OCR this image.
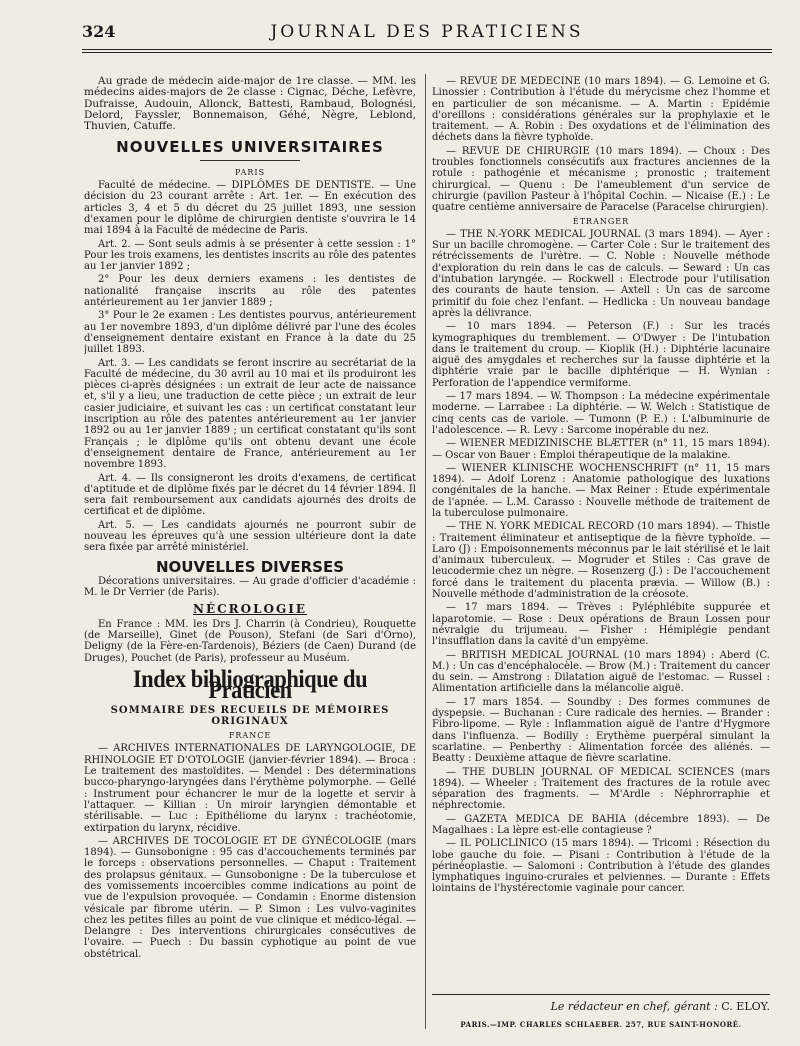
324	JOURNAL DES PRATICIENS

Au grade de médecin aide-major de 1re classe. — MM. les médecins aides-majors de 2e classe : Cignac, Déche, Lefèvre, Dufraisse, Audouin, Allonck, Battesti, Rambaud, Bolognési, Delord, Fayssler, Bonnemaison, Géhé, Nègre, Leblond, Thuvien, Catuffe.

NOUVELLES UNIVERSITAIRES
PARIS

Faculté de médecine. — DIPLÔMES DE DENTISTE. — Une décision du 23 courant arrête : Art. 1er. — En exécution des articles 3, 4 et 5 du décret du 25 juillet 1893, une session d'examen pour le diplôme de chirurgien dentiste s'ouvrira le 14 mai 1894 à la Faculté de médecine de Paris.

Art. 2. — Sont seuls admis à se présenter à cette session : 1° Pour les trois examens, les dentistes inscrits au rôle des patentes au 1er janvier 1892 ;

2° Pour les deux derniers examens : les dentistes de nationalité française inscrits au rôle des patentes antérieurement au 1er janvier 1889 ;

3° Pour le 2e examen : Les dentistes pourvus, antérieurement au 1er novembre 1893, d'un diplôme délivré par l'une des écoles d'enseignement dentaire existant en France à la date du 25 juillet 1893.

Art. 3. — Les candidats se feront inscrire au secrétariat de la Faculté de médecine, du 30 avril au 10 mai et ils produiront les pièces ci-après désignées : un extrait de leur acte de naissance et, s'il y a lieu, une traduction de cette pièce ; un extrait de leur casier judiciaire, et suivant les cas : un certificat constatant leur inscription au rôle des patentes antérieurement au 1er janvier 1892 ou au 1er janvier 1889 ; un certificat constatant qu'ils sont Français ; le diplôme qu'ils ont obtenu devant une école d'enseignement dentaire de France, antérieurement au 1er novembre 1893.

Art. 4. — Ils consigneront les droits d'examens, de certificat d'aptitude et de diplôme fixés par le décret du 14 février 1894. Il sera fait remboursement aux candidats ajournés des droits de certificat et de diplôme.

Art. 5. — Les candidats ajournés ne pourront subir de nouveau les épreuves qu'à une session ultérieure dont la date sera fixée par arrêté ministériel.

NOUVELLES DIVERSES

Décorations universitaires. — Au grade d'officier d'académie : M. le Dr Verrier (de Paris).

NÉCROLOGIE

En France : MM. les Drs J. Charrin (à Condrieu), Rouquette (de Marseille), Ginet (de Pouson), Stefani (de Sari d'Orno), Deligny (de la Fère-en-Tardenois), Béziers (de Caen) Durand (de Druges), Pouchet (de Paris), professeur au Muséum.

Index bibliographique du Praticien
SOMMAIRE DES RECUEILS DE MÉMOIRES ORIGINAUX
FRANCE

— ARCHIVES INTERNATIONALES DE LARYNGOLOGIE, DE RHINOLOGIE ET D'OTOLOGIE (janvier-février 1894). — Broca : Le traitement des mastoïdites. — Mendel : Des déterminations bucco-pharyngo-laryngées dans l'érythème polymorphe. — Gellé : Instrument pour échancrer le mur de la logette et servir à l'attaquer. — Killian : Un miroir laryngien démontable et stérilisable. — Luc : Epithéliome du larynx : trachéotomie, extirpation du larynx, récidive.

— ARCHIVES DE TOCOLOGIE ET DE GYNÉCOLOGIE (mars 1894). — Gunsobonigne : 95 cas d'accouchements terminés par le forceps : observations personnelles. — Chaput : Traitement des prolapsus génitaux. — Gunsobonigne : De la tuberculose et des vomissements incoercibles comme indications au point de vue de l'expulsion provoquée. — Condamin : Enorme distension vésicale par fibrome utérin. — P. Simon : Les vulvo-vaginites chez les petites filles au point de vue clinique et médico-légal. — Delangre : Des interventions chirurgicales consécutives de l'ovaire. — Puech : Du bassin cyphotique au point de vue obstétrical.

— REVUE DE MÉDECINE (10 mars 1894). — G. Lemoine et G. Linossier : Contribution à l'étude du mérycisme chez l'homme et en particulier de son mécanisme. — A. Martin : Epidémie d'oreillons : considérations générales sur la prophylaxie et le traitement. — A. Robin : Des oxydations et de l'élimination des déchets dans la fièvre typhoïde.

— REVUE DE CHIRURGIE (10 mars 1894). — Choux : Des troubles fonctionnels consécutifs aux fractures anciennes de la rotule : pathogénie et mécanisme ; pronostic ; traitement chirurgical. — Quenu : De l'ameublement d'un service de chirurgie (pavillon Pasteur à l'hôpital Cochin. — Nicaise (E.) : Le quatre centième anniversaire de Paracelse (Paracelse chirurgien).

ÉTRANGER

— THE N.-YORK MEDICAL JOURNAL (3 mars 1894). — Ayer : Sur un bacille chromogène. — Carter Cole : Sur le traitement des rétrécissements de l'urètre. — C. Noble : Nouvelle méthode d'exploration du rein dans le cas de calculs. — Seward : Un cas d'intubation laryngée. — Rockwell : Electrode pour l'utilisation des courants de haute tension. — Axtell : Un cas de sarcome primitif du foie chez l'enfant. — Hedlicka : Un nouveau bandage après la délivrance.

— 10 mars 1894. — Peterson (F.) : Sur les tracés kymographiques du tremblement. — O'Dwyer : De l'intubation dans le traitement du croup. — Kioplik (H.) : Diphtérie lacunaire aiguë des amygdales et recherches sur la fausse diphtérie et la diphtérie vraie par le bacille diphtérique — H. Wynian : Perforation de l'appendice vermiforme.

— 17 mars 1894. — W. Thompson : La médecine expérimentale moderne. — Larrabee : La diphtérie. — W. Welch : Statistique de cinq cents cas de variole. — Tumonn (P. E.) : L'albuminurie de l'adolescence. — R. Levy : Sarcome inopérable du nez.

— WIENER MEDIZINISCHE BLÆTTER (n° 11, 15 mars 1894). — Oscar von Bauer : Emploi thérapeutique de la malakine.

— WIENER KLINISCHE WOCHENSCHRIFT (n° 11, 15 mars 1894). — Adolf Lorenz : Anatomie pathologique des luxations congénitales de la hanche. — Max Reiner : Etude expérimentale de l'apnée. — L.M. Carasso : Nouvelle méthode de traitement de la tuberculose pulmonaire.

— THE N. YORK MEDICAL RECORD (10 mars 1894). — Thistle : Traitement éliminateur et antiseptique de la fièvre typhoïde. — Laro (J) : Empoisonnements méconnus par le lait stérilisé et le lait d'animaux tuberculeux. — Mogruder et Stiles : Cas grave de leucodermie chez un nègre. — Rosenzerg (J.) : De l'accouchement forcé dans le traitement du placenta prævia. — Willow (B.) : Nouvelle méthode d'administration de la créosote.

— 17 mars 1894. — Trèves : Pyléphlébite suppurée et laparotomie. — Rose : Deux opérations de Braun Lossen pour névralgie du trijumeau. — Fisher : Hémiplégie pendant l'insufflation dans la cavité d'un empyème.

— BRITISH MEDICAL JOURNAL (10 mars 1894) : Aberd (C. M.) : Un cas d'encéphalocèle. — Brow (M.) : Traitement du cancer du sein. — Amstrong : Dilatation aiguë de l'estomac. — Russel : Alimentation artificielle dans la mélancolie aiguë.

— 17 mars 1854. — Soundby : Des formes communes de dyspepsie. — Buchanan : Cure radicale des hernies. — Brander : Fibro-lipome. — Ryle : Inflammation aiguë de l'antre d'Hygmore dans l'influenza. — Bodilly : Erythème puerpéral simulant la scarlatine. — Penberthy : Alimentation forcée des aliénés. — Beatty : Deuxième attaque de fièvre scarlatine.

— THE DUBLIN JOURNAL OF MEDICAL SCIENCES (mars 1894). — Wheeler : Traitement des fractures de la rotule avec séparation des fragments. — M'Ardle : Néphrorraphie et néphrectomie.

— GAZETA MEDICA DE BAHIA (décembre 1893). — De Magalhaes : La lèpre est-elle contagieuse ?

— IL POLICLINICO (15 mars 1894). — Tricomi : Résection du lobe gauche du foie. — Pisani : Contribution à l'étude de la périnéoplastie. — Salomoni : Contribution à l'étude des glandes lymphatiques inguino-crurales et pelviennes. — Durante : Effets lointains de l'hystérectomie vaginale pour cancer.

Le rédacteur en chef, gérant : C. ELOY.
PARIS.—IMP. CHARLES SCHLAEBER. 257, RUE SAINT-HONORÉ.
